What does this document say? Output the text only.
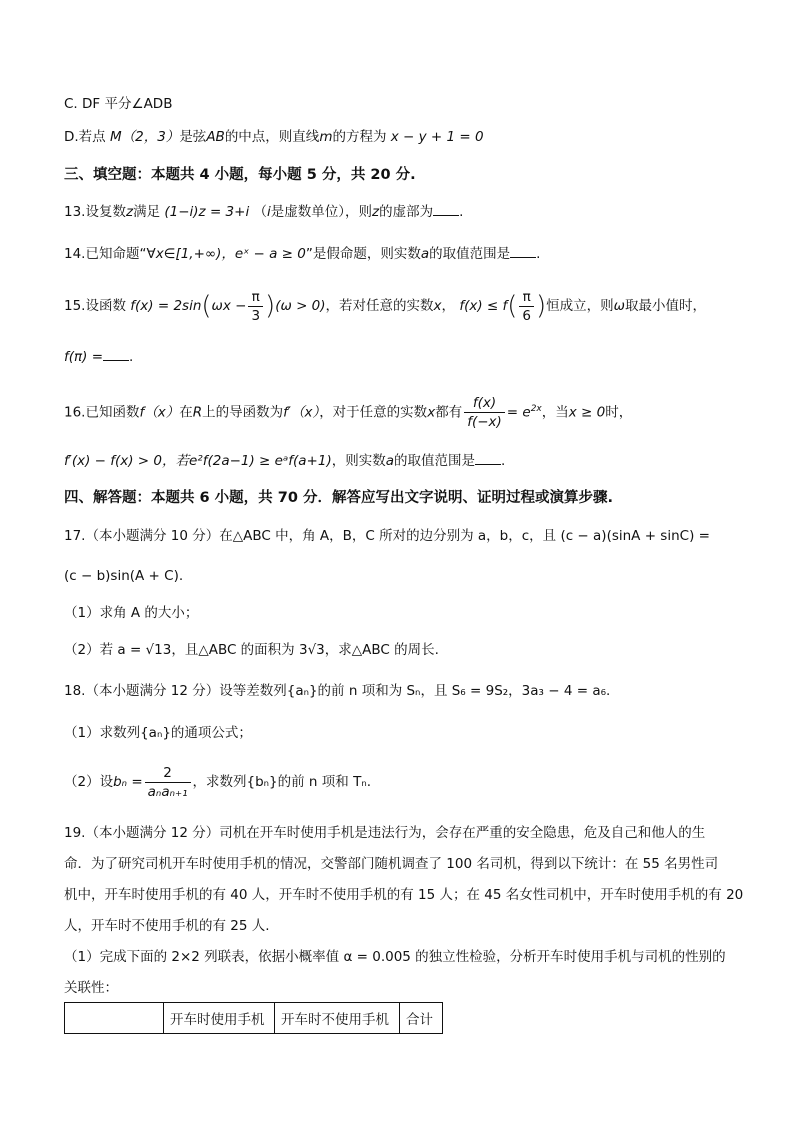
C. DF 平分∠ADB
D.若点 M（2，3）是弦AB的中点，则直线m的方程为 x − y + 1 = 0
三、填空题：本题共 4 小题，每小题 5 分，共 20 分.
13.设复数z满足 (1−i)z = 3+i （i是虚数单位），则z的虚部为 .
14.已知命题“∀x∈[1,+∞)，eˣ − a ≥ 0”是假命题，则实数a的取值范围是 .
15.设函数 $f(x) = 2\sin(\omega x - \frac{\pi}{3} )(\omega > 0)$，若对任意的实数x， $f(x) \le f( \frac{\pi}{6}$ )恒成立，则ω取最小值时，
f(π) = .
16.已知函数f（x）在R上的导函数为f′（x），对于任意的实数x都有 $\frac{f(x)}{f(-x)} = e^{2x}$，当x ≥ 0时，
f′(x) − f(x) > 0，若e²f(2a−1) ≥ eᵃf(a+1)，则实数a的取值范围是 .
四、解答题：本题共 6 小题，共 70 分．解答应写出文字说明、证明过程或演算步骤.
17.（本小题满分 10 分）在△ABC 中，角 A，B，C 所对的边分别为 a，b，c，且 (c − a)(sinA + sinC) =
(c − b)sin(A + C).
（1）求角 A 的大小；
（2）若 a = √13，且△ABC 的面积为 3√3，求△ABC 的周长.
18.（本小题满分 12 分）设等差数列{aₙ}的前 n 项和为 Sₙ，且 S₆ = 9S₂，3a₃ − 4 = a₆.
（1）求数列{aₙ}的通项公式；
（2）设$b_n = \frac{2}{\text{aₙaₙ₊₁}}$ ，求数列{bₙ}的前 n 项和 Tₙ.
19.（本小题满分 12 分）司机在开车时使用手机是违法行为，会存在严重的安全隐患，危及自己和他人的生
命．为了研究司机开车时使用手机的情况，交警部门随机调查了 100 名司机，得到以下统计：在 55 名男性司
机中，开车时使用手机的有 40 人，开车时不使用手机的有 15 人；在 45 名女性司机中，开车时使用手机的有 20
人，开车时不使用手机的有 25 人.
（1）完成下面的 2×2 列联表，依据小概率值 α = 0.005 的独立性检验，分析开车时使用手机与司机的性别的
关联性：
	开车时使用手机	开车时不使用手机	合计
